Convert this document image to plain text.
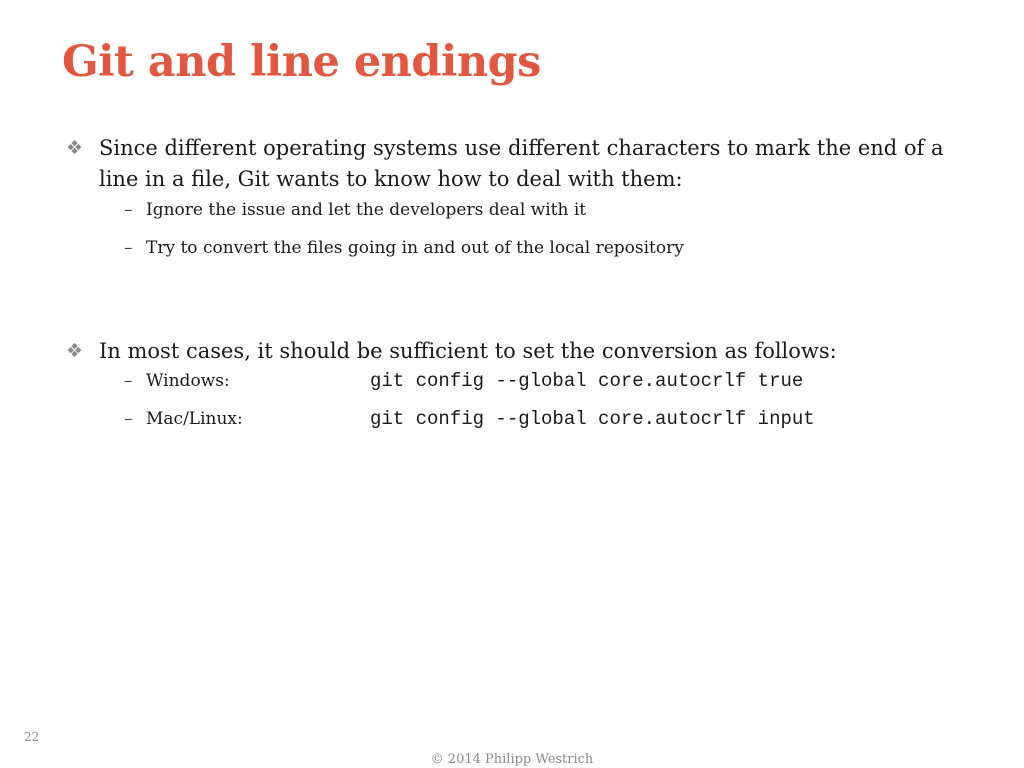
Git and line endings
❖ Since different operating systems use different characters to mark the end of a line in a file, Git wants to know how to deal with them:
– Ignore the issue and let the developers deal with it
– Try to convert the files going in and out of the local repository
❖ In most cases, it should be sufficient to set the conversion as follows:
– Windows:	git config --global core.autocrlf true
– Mac/Linux:	git config --global core.autocrlf input
22
© 2014 Philipp Westrich
